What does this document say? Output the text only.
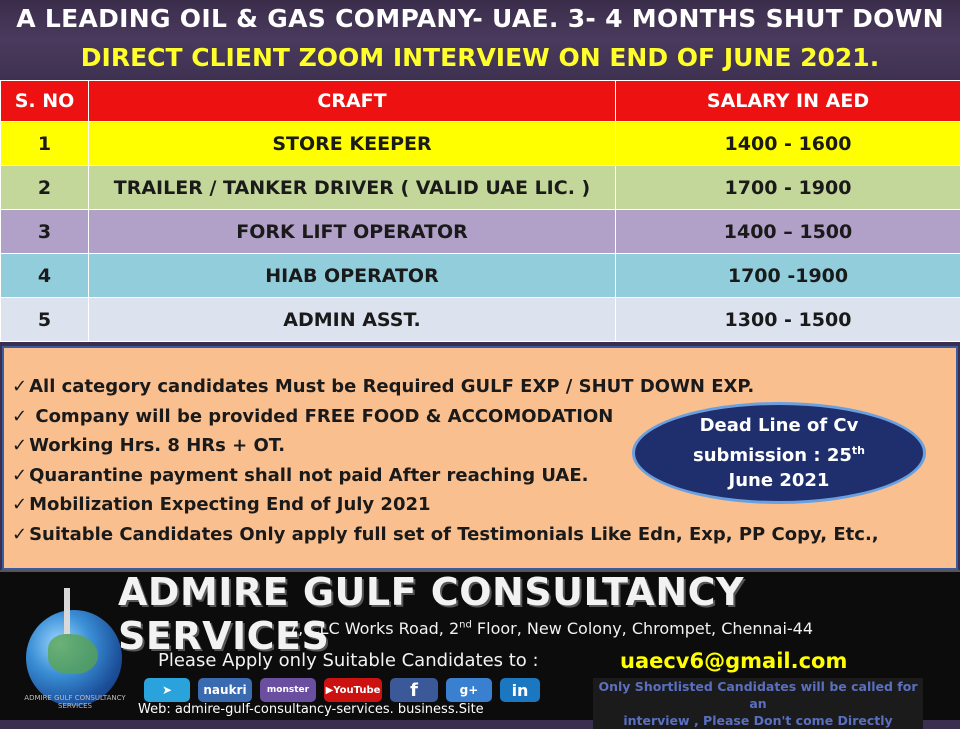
A LEADING OIL & GAS COMPANY- UAE. 3- 4 MONTHS SHUT DOWN
DIRECT CLIENT ZOOM INTERVIEW ON END OF JUNE 2021.
S. NO	CRAFT	SALARY IN AED
1	STORE KEEPER	1400 - 1600
2	TRAILER / TANKER DRIVER ( VALID UAE LIC. )	1700 - 1900
3	FORK LIFT OPERATOR	1400 – 1500
4	HIAB OPERATOR	1700 -1900
5	ADMIN ASST.	1300 - 1500
✓ All category candidates Must be Required GULF EXP / SHUT DOWN EXP.
✓ Company will be provided FREE FOOD & ACCOMODATION
✓ Working Hrs. 8 HRs + OT.
✓ Quarantine payment shall not paid After reaching UAE.
✓ Mobilization Expecting End of July 2021
✓ Suitable Candidates Only apply full set of Testimonials Like Edn, Exp, PP Copy, Etc.,
Dead Line of Cv
submission : 25th
June 2021
ADMIRE GULF CONSULTANCY SERVICES
ADMIRE GULF CONSULTANCY SERVICES
7, CLC Works Road, 2nd Floor, New Colony, Chrompet, Chennai-44
Please Apply only Suitable Candidates to :	uaecv6@gmail.com
➤	naukri	monster	▶YouTube	f	g+	in
Web: admire-gulf-consultancy-services. business.Site
Only Shortlisted Candidates will be called for an
interview , Please Don't come Directly
